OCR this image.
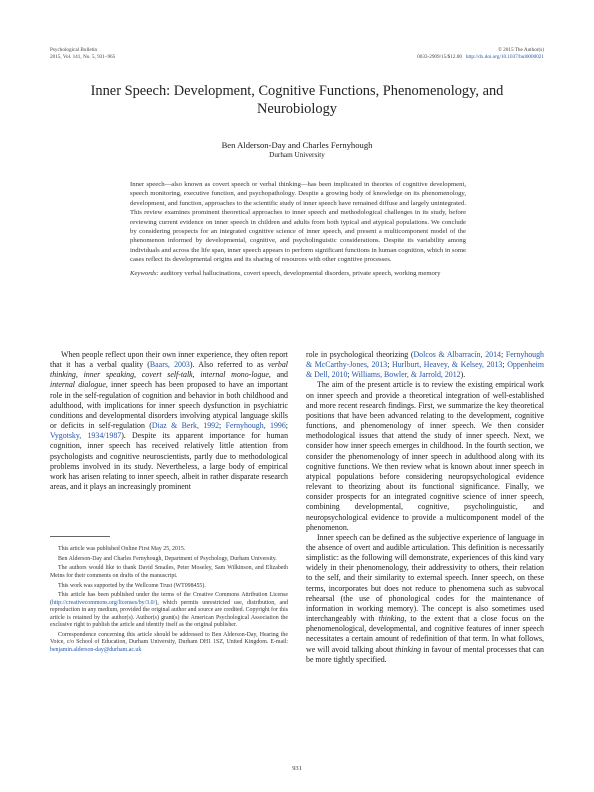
Psychological Bulletin
2015, Vol. 141, No. 5, 931–965
© 2015 The Author(s)
0033-2909/15/$12.00 http://dx.doi.org/10.1037/bul0000021
Inner Speech: Development, Cognitive Functions, Phenomenology, and Neurobiology
Ben Alderson-Day and Charles Fernyhough
Durham University
Inner speech—also known as covert speech or verbal thinking—has been implicated in theories of cognitive development, speech monitoring, executive function, and psychopathology. Despite a growing body of knowledge on its phenomenology, development, and function, approaches to the scientific study of inner speech have remained diffuse and largely unintegrated. This review examines prominent theoretical approaches to inner speech and methodological challenges in its study, before reviewing current evidence on inner speech in children and adults from both typical and atypical populations. We conclude by considering prospects for an integrated cognitive science of inner speech, and present a multicomponent model of the phenomenon informed by developmental, cognitive, and psycholinguistic considerations. Despite its variability among individuals and across the life span, inner speech appears to perform significant functions in human cognition, which in some cases reflect its developmental origins and its sharing of resources with other cognitive processes.
Keywords: auditory verbal hallucinations, covert speech, developmental disorders, private speech, working memory

When people reflect upon their own inner experience, they often report that it has a verbal quality (Baars, 2003). Also referred to as verbal thinking, inner speaking, covert self-talk, internal mono-logue, and internal dialogue, inner speech has been proposed to have an important role in the self-regulation of cognition and behavior in both childhood and adulthood, with implications for inner speech dysfunction in psychiatric conditions and developmental disorders involving atypical language skills or deficits in self-regulation (Diaz & Berk, 1992; Fernyhough, 1996; Vygotsky, 1934/1987). Despite its apparent importance for human cognition, inner speech has received relatively little attention from psychologists and cognitive neuroscientists, partly due to methodological problems involved in its study. Nevertheless, a large body of empirical work has arisen relating to inner speech, albeit in rather disparate research areas, and it plays an increasingly prominent

This article was published Online First May 25, 2015.

Ben Alderson-Day and Charles Fernyhough, Department of Psychology, Durham University.

The authors would like to thank David Smailes, Peter Moseley, Sam Wilkinson, and Elizabeth Meins for their comments on drafts of the manuscript.

This work was supported by the Wellcome Trust (WT098455).

This article has been published under the terms of the Creative Commons Attribution License (http://creativecommons.org/licenses/by/3.0/), which permits unrestricted use, distribution, and reproduction in any medium, provided the original author and source are credited. Copyright for this article is retained by the author(s). Author(s) grant(s) the American Psychological Association the exclusive right to publish the article and identify itself as the original publisher.

Correspondence concerning this article should be addressed to Ben Alderson-Day, Hearing the Voice, c/o School of Education, Durham University, Durham DH1 1SZ, United Kingdom. E-mail: benjamin.alderson-day@durham.ac.uk

role in psychological theorizing (Dolcos & Albarracín, 2014; Fernyhough & McCarthy-Jones, 2013; Hurlburt, Heavey, & Kelsey, 2013; Oppenheim & Dell, 2010; Williams, Bowler, & Jarrold, 2012).

The aim of the present article is to review the existing empirical work on inner speech and provide a theoretical integration of well-established and more recent research findings. First, we summarize the key theoretical positions that have been advanced relating to the development, cognitive functions, and phenomenology of inner speech. We then consider methodological issues that attend the study of inner speech. Next, we consider how inner speech emerges in childhood. In the fourth section, we consider the phenomenology of inner speech in adulthood along with its cognitive functions. We then review what is known about inner speech in atypical populations before considering neuropsychological evidence relevant to theorizing about its functional significance. Finally, we consider prospects for an integrated cognitive science of inner speech, combining developmental, cognitive, psycholinguistic, and neuropsychological evidence to provide a multicomponent model of the phenomenon.

Inner speech can be defined as the subjective experience of language in the absence of overt and audible articulation. This definition is necessarily simplistic: as the following will demonstrate, experiences of this kind vary widely in their phenomenology, their addressivity to others, their relation to the self, and their similarity to external speech. Inner speech, on these terms, incorporates but does not reduce to phenomena such as subvocal rehearsal (the use of phonological codes for the maintenance of information in working memory). The concept is also sometimes used interchangeably with thinking, to the extent that a close focus on the phenomenological, developmental, and cognitive features of inner speech necessitates a certain amount of redefinition of that term. In what follows, we will avoid talking about thinking in favour of mental processes that can be more tightly specified.

931
